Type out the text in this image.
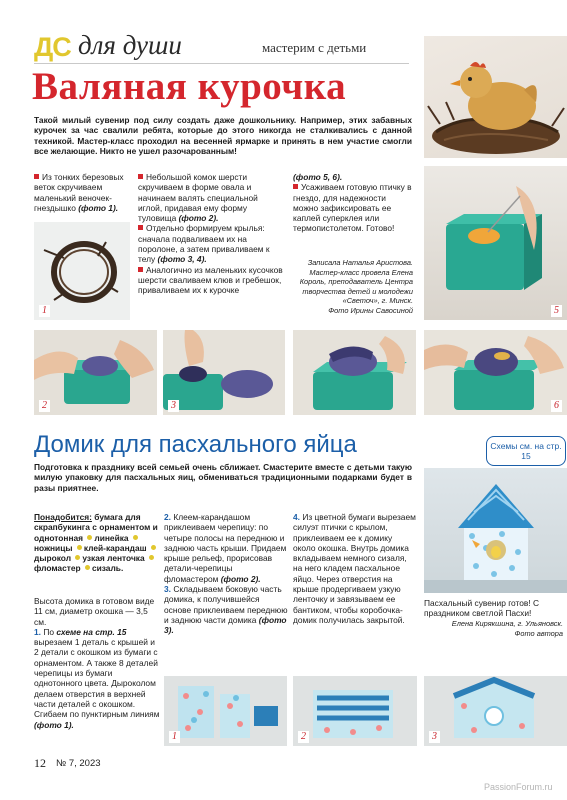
ДС для души	мастерим с детьми
Валяная курочка
Такой милый сувенир под силу создать даже дошкольнику. Например, этих забавных курочек за час свалили ребята, которые до этого никогда не сталкивались с данной техникой. Мастер-класс проходил на весенней ярмарке и принять в нем участие смогли все желающие. Никто не ушел разочарованным!
Из тонких березовых веток скручиваем маленький веночек-гнездышко (фото 1).
1
Небольшой комок шерсти скручиваем в форме овала и начинаем валять специальной иглой, придавая ему форму туловища (фото 2).
Отдельно формируем крылья: сначала подваливаем их на поролоне, а затем приваливаем к телу (фото 3, 4).
Аналогично из маленьких кусочков шерсти сваливаем клюв и гребешок, приваливаем их к курочке
(фото 5, 6).
Усаживаем готовую птичку в гнездо, для надежности можно зафиксировать ее каплей суперклея или термопистолетом. Готово!
Записала Наталья Аристова.
Мастер-класс провела Елена Король, преподаватель Центра творчества детей и молодежи «Светоч», г. Минск.
Фото Ирины Савосиной	5
2	3	6
Домик для пасхального яйца	Схемы см. на стр. 15
Подготовка к празднику всей семьей очень сближает. Смастерите вместе с детьми такую милую упаковку для пасхальных яиц, обмениваться традиционными подарками будет в разы приятнее.
Понадобится: бумага для скрапбукинга с орнаментом и однотонная линейка ножницы клей-карандаш дырокол узкая ленточка фломастер сизаль.
Высота домика в готовом виде 11 см, диаметр окошка — 3,5 см.
1. По схеме на стр. 15 вырезаем 1 деталь с крышей и 2 детали с окошком из бумаги с орнаментом. А также 8 деталей черепицы из бумаги однотонного цвета. Дыроколом делаем отверстия в верхней части деталей с окошком. Сгибаем по пунктирным линиям (фото 1).
2. Клеем-карандашом приклеиваем черепицу: по четыре полосы на переднюю и заднюю часть крыши. Придаем крыше рельеф, прорисовав детали-черепицы фломастером (фото 2).
3. Складываем боковую часть домика, к получившейся основе приклеиваем переднюю и заднюю части домика (фото 3).
4. Из цветной бумаги вырезаем силуэт птички с крылом, приклеиваем ее к домику около окошка. Внутрь домика вкладываем немного сизаля, на него кладем пасхальное яйцо. Через отверстия на крыше продергиваем узкую ленточку и завязываем ее бантиком, чтобы коробочка-домик получилась закрытой.
Пасхальный сувенир готов! С праздником светлой Пасхи!
Елена Кирякшина, г. Ульяновск.
Фото автора
1	2	3
12 № 7, 2023
PassionForum.ru
